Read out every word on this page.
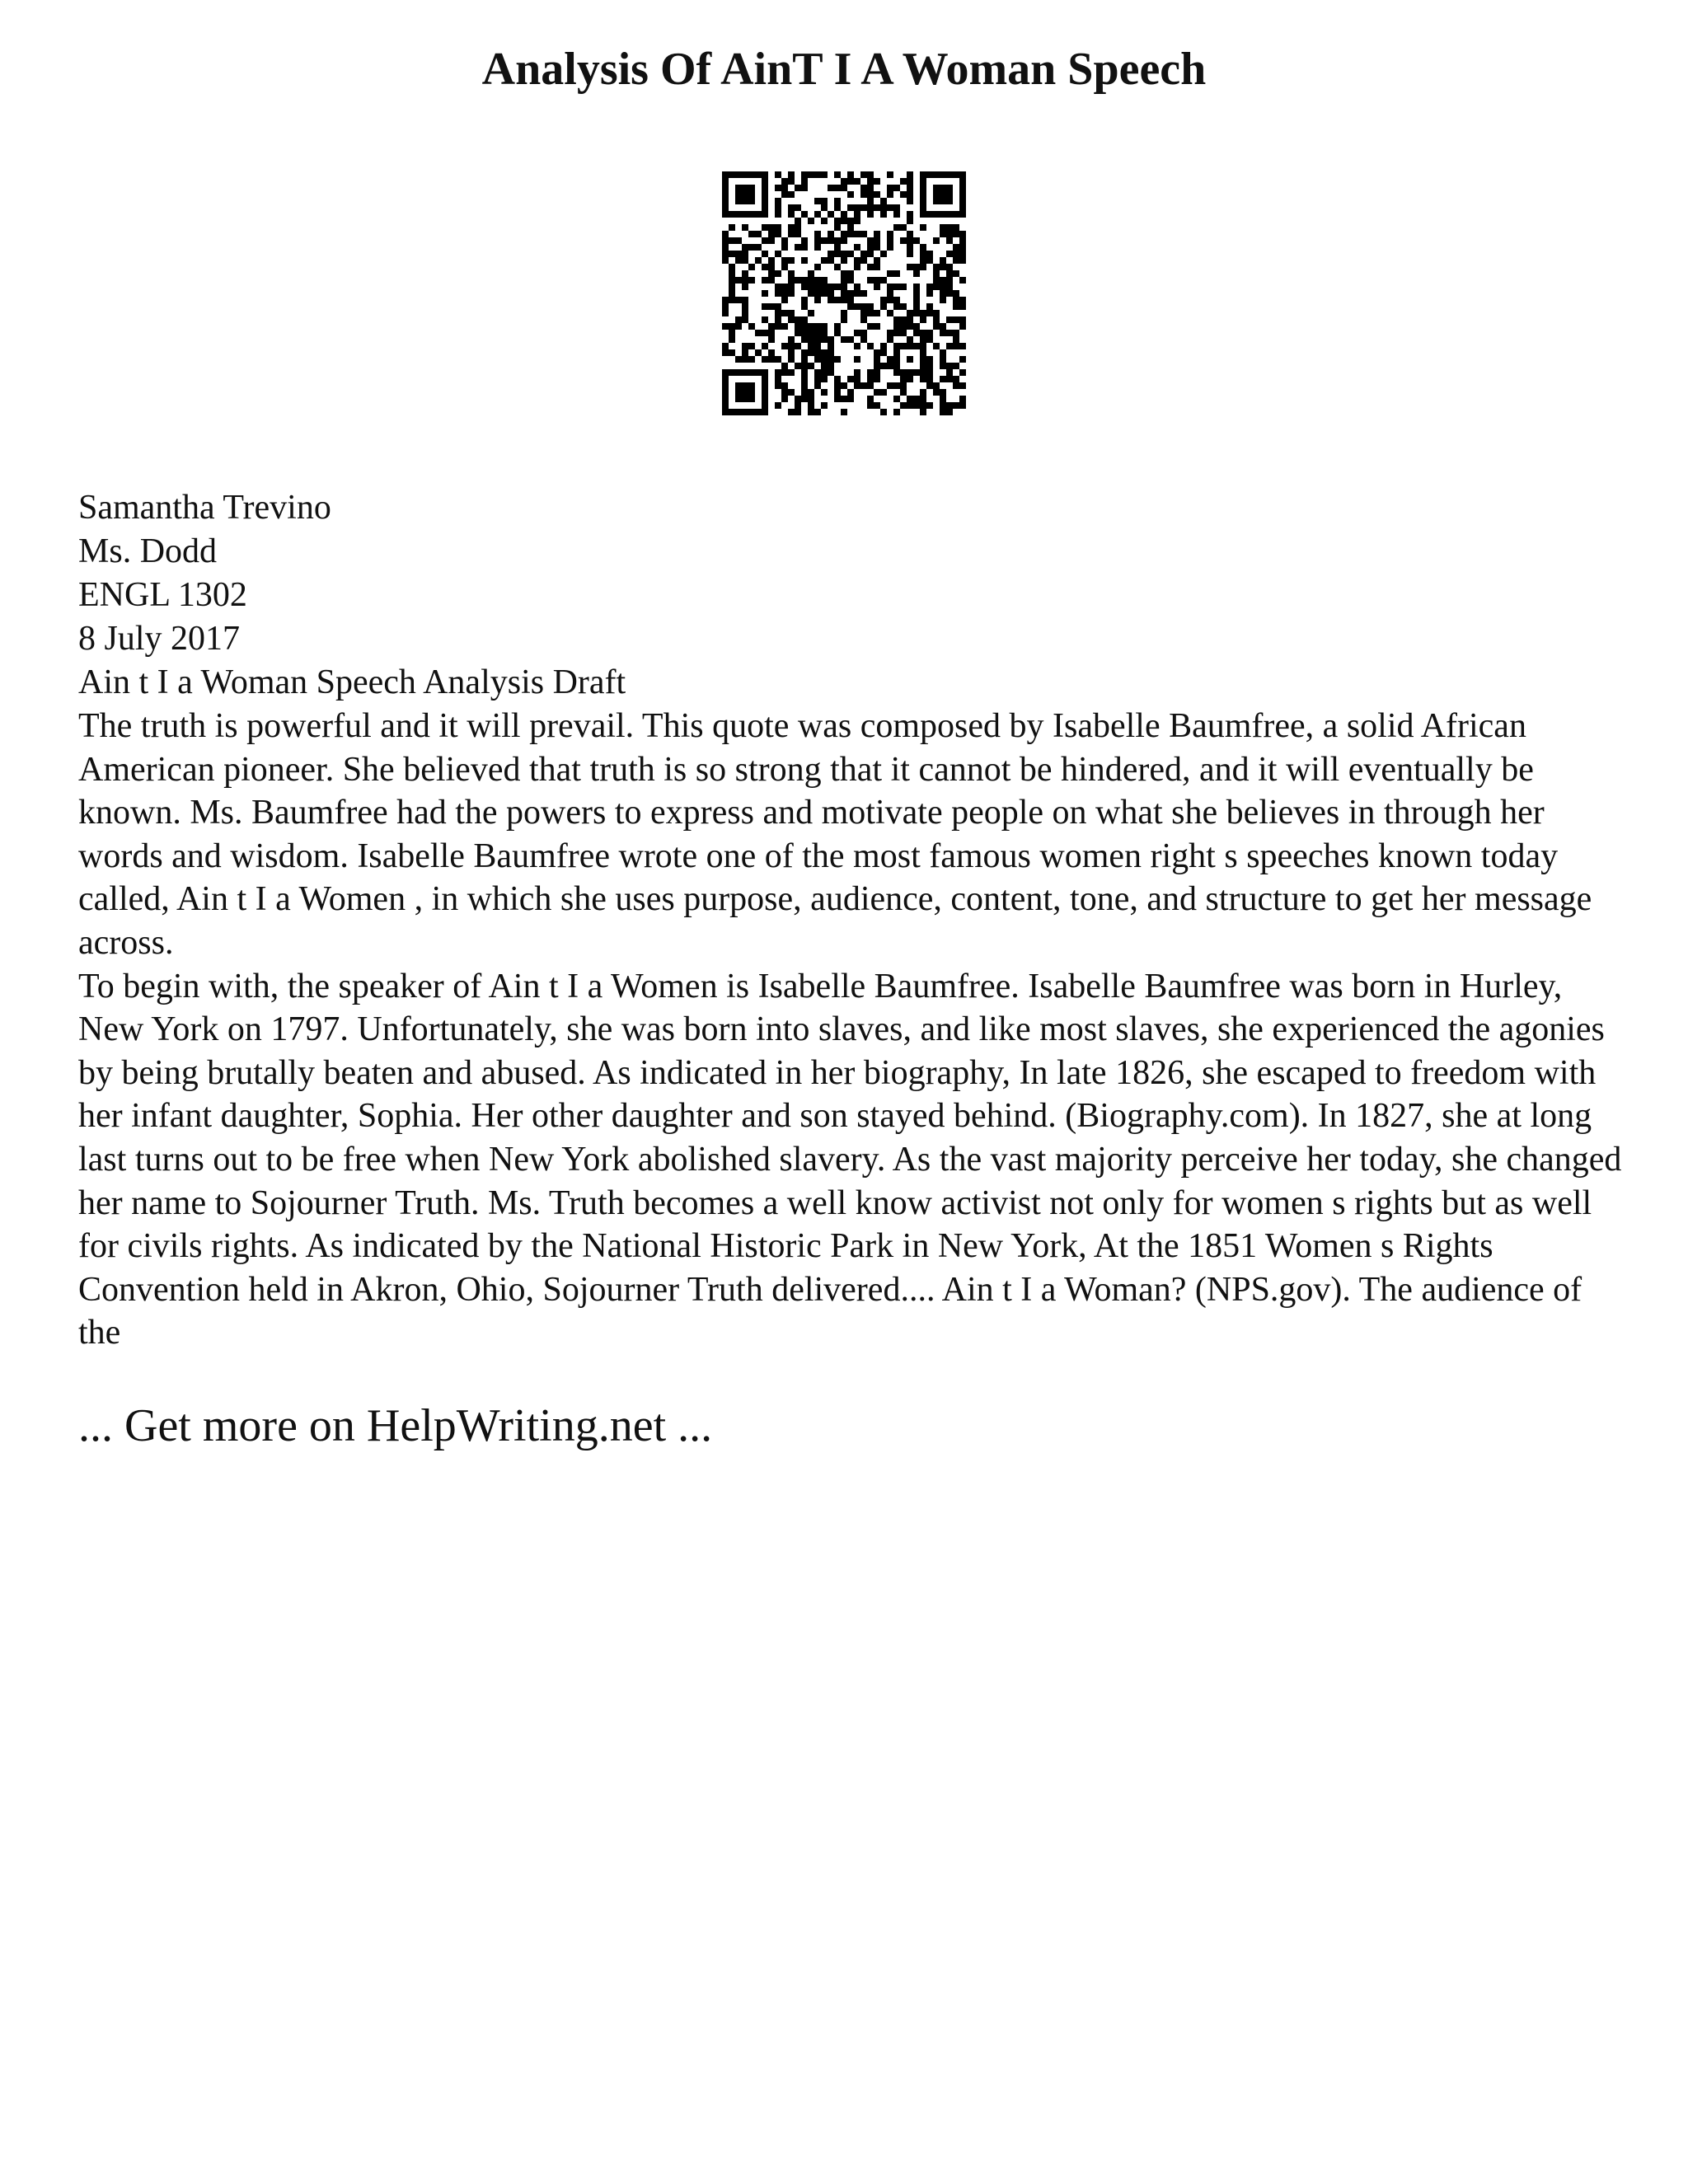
Analysis Of AinT I A Woman Speech
Samantha Trevino
Ms. Dodd
ENGL 1302
8 July 2017
Ain t I a Woman Speech Analysis Draft

The truth is powerful and it will prevail. This quote was composed by Isabelle Baumfree, a solid African American pioneer. She believed that truth is so strong that it cannot be hindered, and it will eventually be known. Ms. Baumfree had the powers to express and motivate people on what she believes in through her words and wisdom. Isabelle Baumfree wrote one of the most famous women right s speeches known today called, Ain t I a Women , in which she uses purpose, audience, content, tone, and structure to get her message across.

To begin with, the speaker of Ain t I a Women is Isabelle Baumfree. Isabelle Baumfree was born in Hurley, New York on 1797. Unfortunately, she was born into slaves, and like most slaves, she experienced the agonies by being brutally beaten and abused. As indicated in her biography, In late 1826, she escaped to freedom with her infant daughter, Sophia. Her other daughter and son stayed behind. (Biography.com). In 1827, she at long last turns out to be free when New York abolished slavery. As the vast majority perceive her today, she changed her name to Sojourner Truth. Ms. Truth becomes a well know activist not only for women s rights but as well for civils rights. As indicated by the National Historic Park in New York, At the 1851 Women s Rights Convention held in Akron, Ohio, Sojourner Truth delivered.... Ain t I a Woman? (NPS.gov). The audience of the

... Get more on HelpWriting.net ...
